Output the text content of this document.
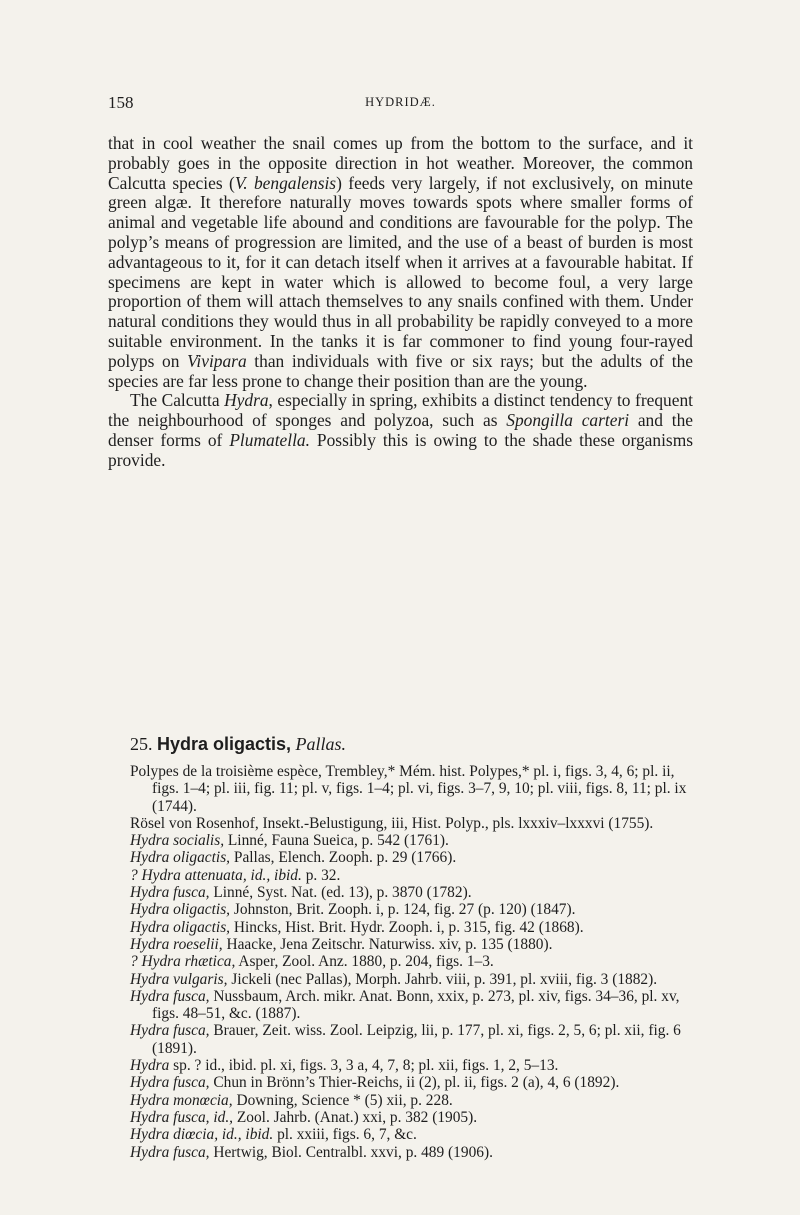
158	HYDRIDÆ.

that in cool weather the snail comes up from the bottom to the surface, and it probably goes in the opposite direction in hot weather. Moreover, the common Calcutta species (V. bengalensis) feeds very largely, if not exclusively, on minute green algæ. It therefore naturally moves towards spots where smaller forms of animal and vegetable life abound and conditions are favourable for the polyp. The polyp’s means of progression are limited, and the use of a beast of burden is most advantageous to it, for it can detach itself when it arrives at a favourable habitat. If specimens are kept in water which is allowed to become foul, a very large proportion of them will attach themselves to any snails confined with them. Under natural conditions they would thus in all probability be rapidly conveyed to a more suitable environment. In the tanks it is far commoner to find young four-rayed polyps on Vivipara than individuals with five or six rays; but the adults of the species are far less prone to change their position than are the young.

The Calcutta Hydra, especially in spring, exhibits a distinct tendency to frequent the neighbourhood of sponges and polyzoa, such as Spongilla carteri and the denser forms of Plumatella. Possibly this is owing to the shade these organisms provide.

25. Hydra oligactis, Pallas.

Polypes de la troisième espèce, Trembley,* Mém. hist. Polypes,* pl. i, figs. 3, 4, 6; pl. ii, figs. 1–4; pl. iii, fig. 11; pl. v, figs. 1–4; pl. vi, figs. 3–7, 9, 10; pl. viii, figs. 8, 11; pl. ix (1744).

Rösel von Rosenhof, Insekt.-Belustigung, iii, Hist. Polyp., pls. lxxxiv–lxxxvi (1755).

Hydra socialis, Linné, Fauna Sueica, p. 542 (1761).

Hydra oligactis, Pallas, Elench. Zooph. p. 29 (1766).

? Hydra attenuata, id., ibid. p. 32.

Hydra fusca, Linné, Syst. Nat. (ed. 13), p. 3870 (1782).

Hydra oligactis, Johnston, Brit. Zooph. i, p. 124, fig. 27 (p. 120) (1847).

Hydra oligactis, Hincks, Hist. Brit. Hydr. Zooph. i, p. 315, fig. 42 (1868).

Hydra roeselii, Haacke, Jena Zeitschr. Naturwiss. xiv, p. 135 (1880).

? Hydra rhætica, Asper, Zool. Anz. 1880, p. 204, figs. 1–3.

Hydra vulgaris, Jickeli (nec Pallas), Morph. Jahrb. viii, p. 391, pl. xviii, fig. 3 (1882).

Hydra fusca, Nussbaum, Arch. mikr. Anat. Bonn, xxix, p. 273, pl. xiv, figs. 34–36, pl. xv, figs. 48–51, &c. (1887).

Hydra fusca, Brauer, Zeit. wiss. Zool. Leipzig, lii, p. 177, pl. xi, figs. 2, 5, 6; pl. xii, fig. 6 (1891).

Hydra sp. ? id., ibid. pl. xi, figs. 3, 3 a, 4, 7, 8; pl. xii, figs. 1, 2, 5–13.

Hydra fusca, Chun in Brönn’s Thier-Reichs, ii (2), pl. ii, figs. 2 (a), 4, 6 (1892).

Hydra monœcia, Downing, Science * (5) xii, p. 228.

Hydra fusca, id., Zool. Jahrb. (Anat.) xxi, p. 382 (1905).

Hydra diœcia, id., ibid. pl. xxiii, figs. 6, 7, &c.

Hydra fusca, Hertwig, Biol. Centralbl. xxvi, p. 489 (1906).
